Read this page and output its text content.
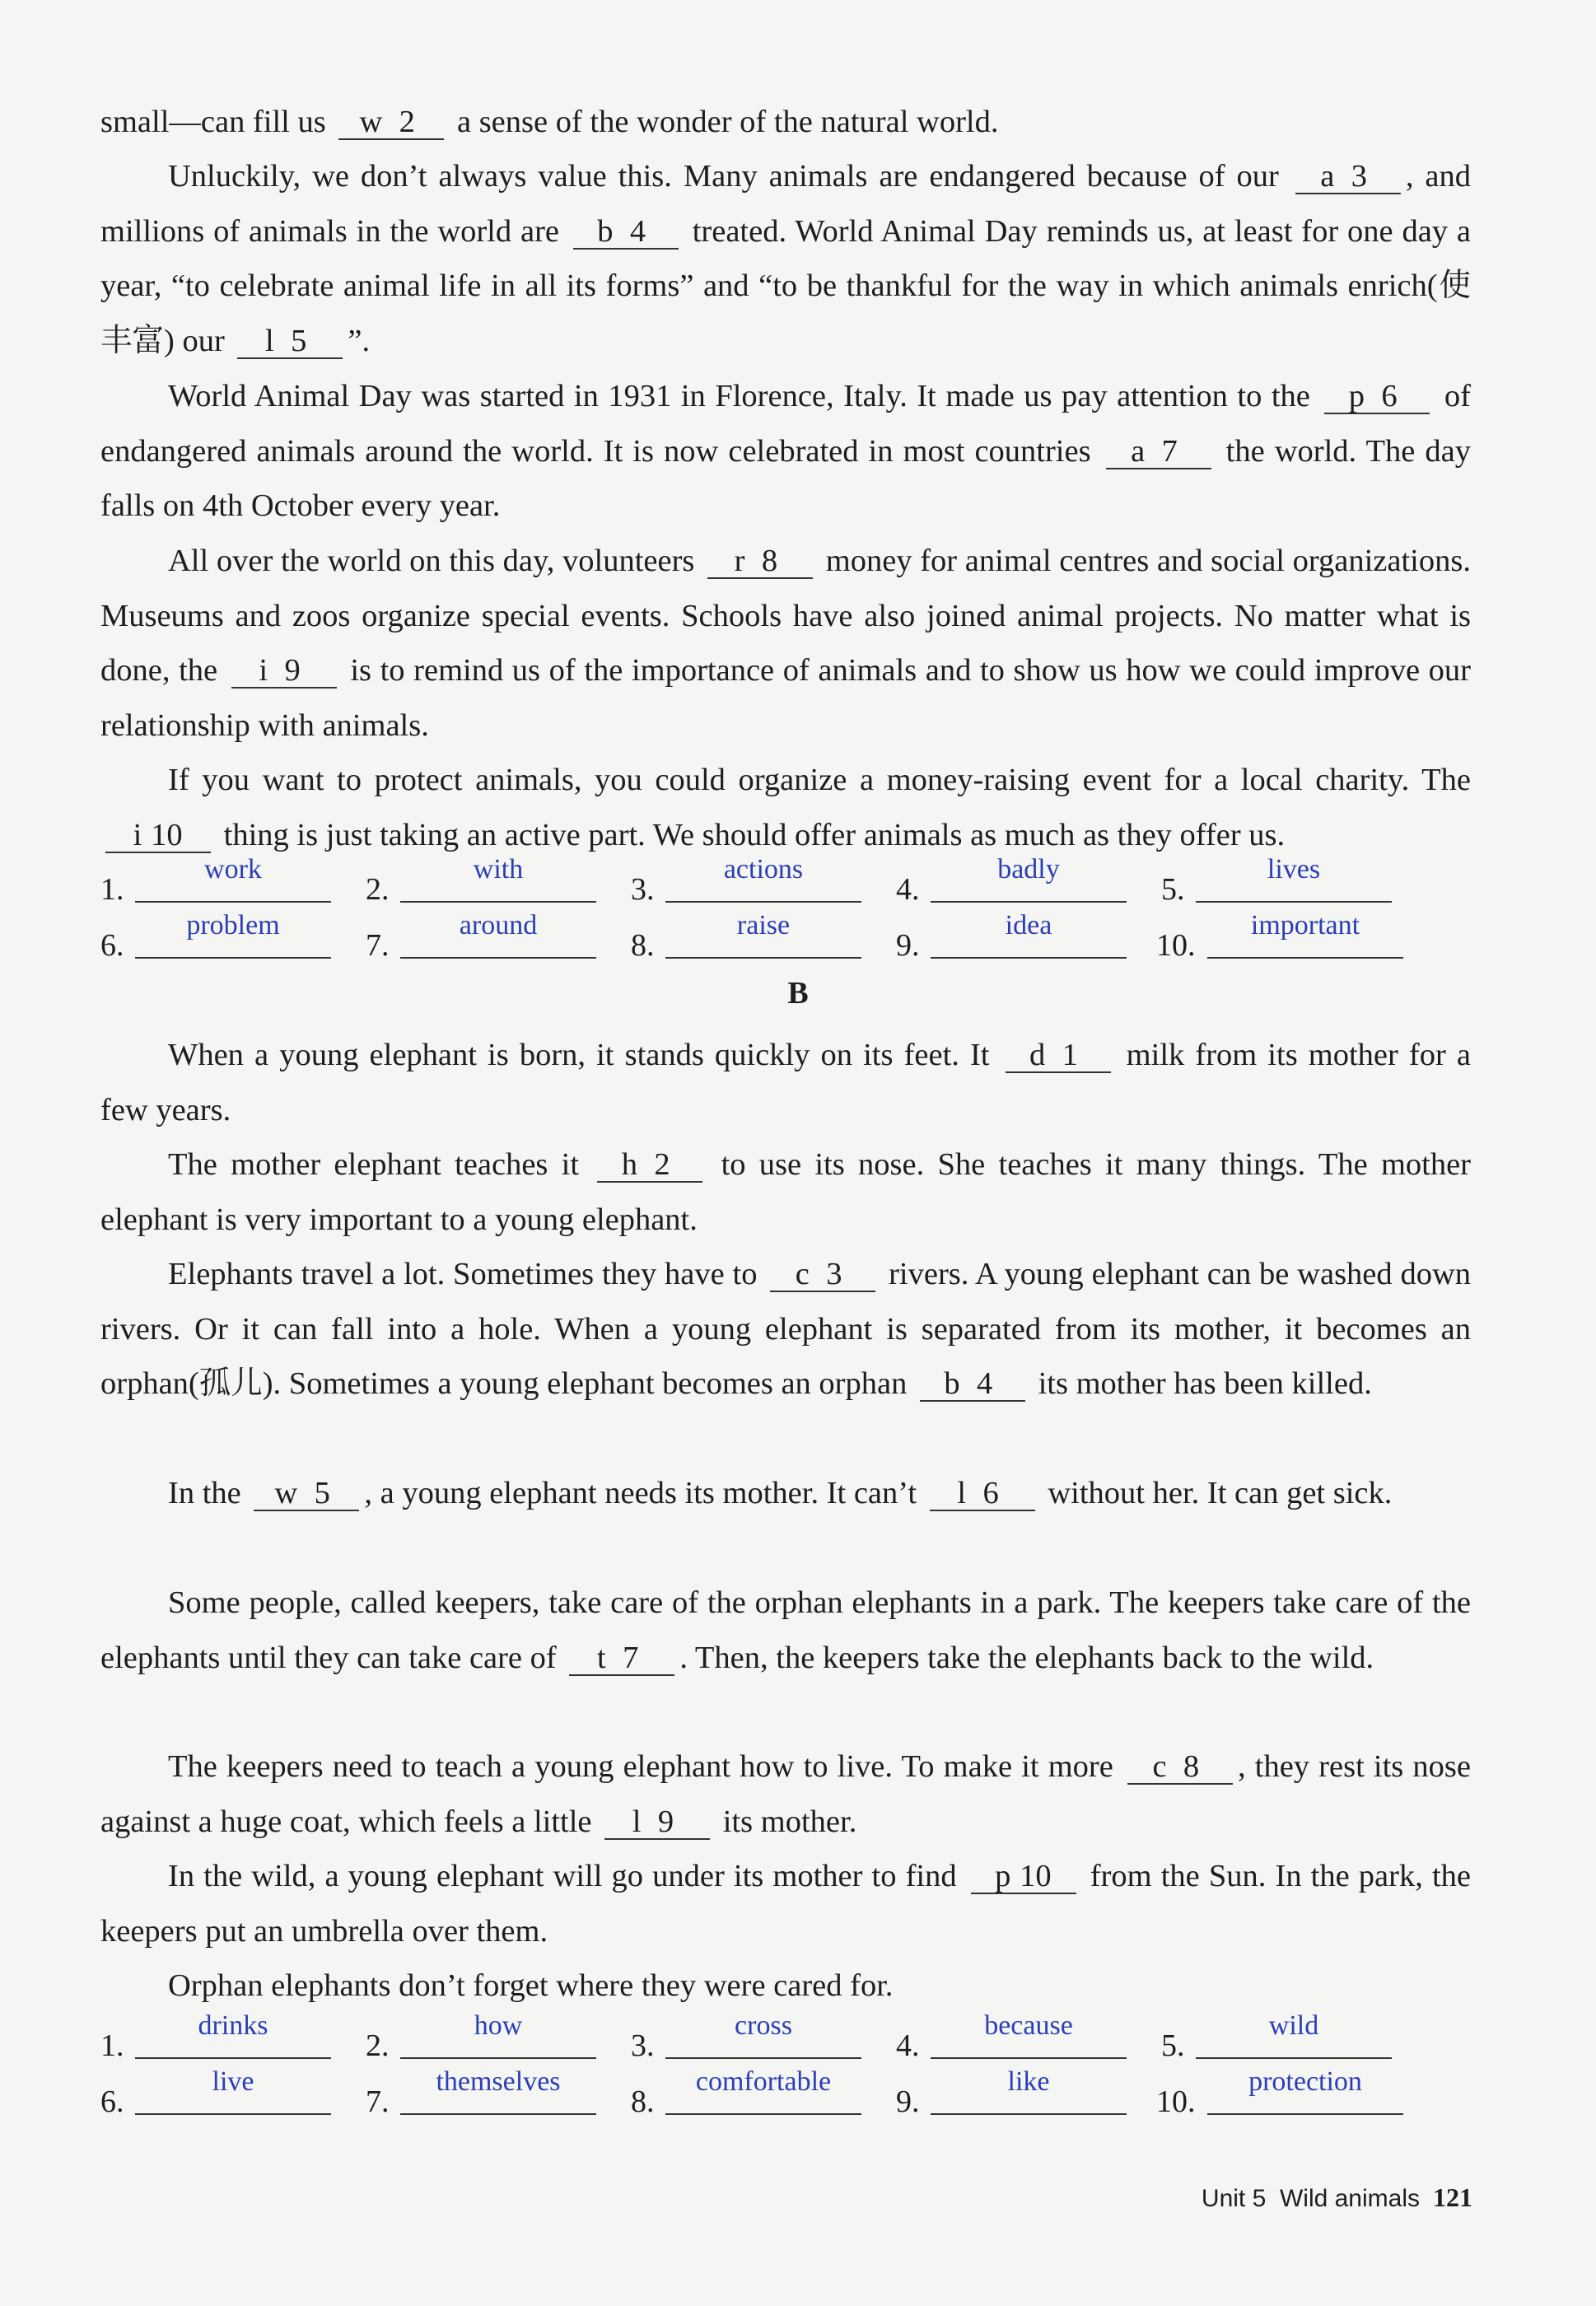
small—can fill us w 2 a sense of the wonder of the natural world.

Unluckily, we don’t always value this. Many animals are endangered because of our a 3 , and millions of animals in the world are b 4 treated. World Animal Day reminds us, at least for one day a year, “to celebrate animal life in all its forms” and “to be thankful for the way in which animals enrich(使丰富) our l 5 ”.

World Animal Day was started in 1931 in Florence, Italy. It made us pay attention to the p 6 of endangered animals around the world. It is now celebrated in most countries a 7 the world. The day falls on 4th October every year.

All over the world on this day, volunteers r 8 money for animal centres and social organizations. Museums and zoos organize special events. Schools have also joined animal projects. No matter what is done, the i 9 is to remind us of the importance of animals and to show us how we could improve our relationship with animals.

If you want to protect animals, you could organize a money-raising event for a local charity. The i 10 thing is just taking an active part. We should offer animals as much as they offer us.

1.
work
2.
with
3.
actions
4.
badly
5.
lives
6.
problem
7.
around
8.
raise
9.
idea
10.
important
B

When a young elephant is born, it stands quickly on its feet. It d 1 milk from its mother for a few years.

The mother elephant teaches it h 2 to use its nose. She teaches it many things. The mother elephant is very important to a young elephant.

Elephants travel a lot. Sometimes they have to c 3 rivers. A young elephant can be washed down rivers. Or it can fall into a hole. When a young elephant is separated from its mother, it becomes an orphan(孤儿). Sometimes a young elephant becomes an orphan b 4 its mother has been killed.

In the w 5 , a young elephant needs its mother. It can’t l 6 without her. It can get sick.

Some people, called keepers, take care of the orphan elephants in a park. The keepers take care of the elephants until they can take care of t 7 . Then, the keepers take the elephants back to the wild.

The keepers need to teach a young elephant how to live. To make it more c 8 , they rest its nose against a huge coat, which feels a little l 9 its mother.

In the wild, a young elephant will go under its mother to find p 10 from the Sun. In the park, the keepers put an umbrella over them.

Orphan elephants don’t forget where they were cared for.

1.
drinks
2.
how
3.
cross
4.
because
5.
wild
6.
live
7.
themselves
8.
comfortable
9.
like
10.
protection
Unit 5  Wild animals 121
